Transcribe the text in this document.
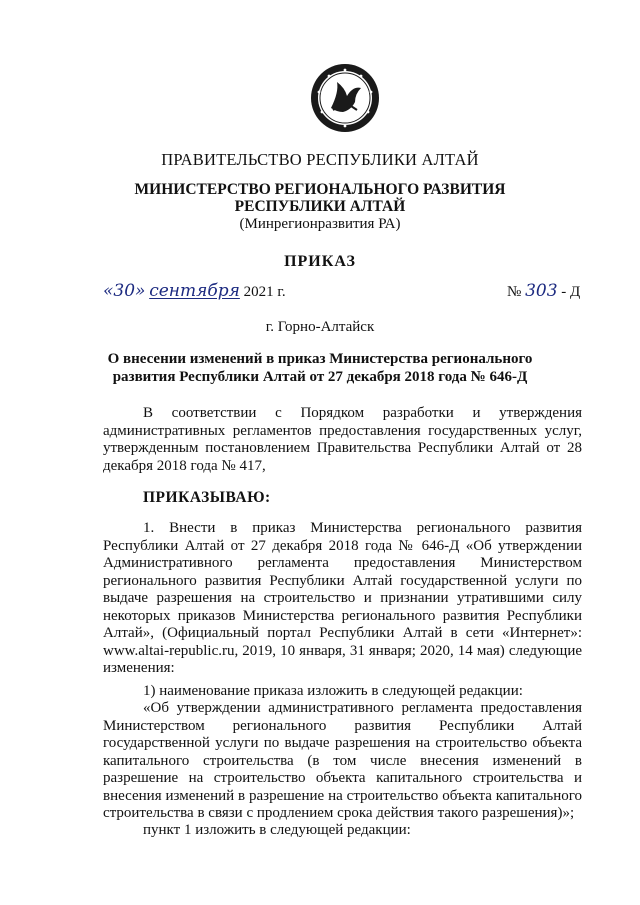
ПРАВИТЕЛЬСТВО РЕСПУБЛИКИ АЛТАЙ
МИНИСТЕРСТВО РЕГИОНАЛЬНОГО РАЗВИТИЯ
РЕСПУБЛИКИ АЛТАЙ
(Минрегионразвития РА)
ПРИКАЗ
«30» сентября 2021 г.	№ 303 - Д
г. Горно-Алтайск
О внесении изменений в приказ Министерства регионального
развития Республики Алтай от 27 декабря 2018 года № 646-Д

В соответствии с Порядком разработки и утверждения административных регламентов предоставления государственных услуг, утвержденным постановлением Правительства Республики Алтай от 28 декабря 2018 года № 417,

ПРИКАЗЫВАЮ:

1. Внести в приказ Министерства регионального развития Республики Алтай от 27 декабря 2018 года № 646-Д «Об утверждении Административного регламента предоставления Министерством регионального развития Республики Алтай государственной услуги по выдаче разрешения на строительство и признании утратившими силу некоторых приказов Министерства регионального развития Республики Алтай», (Официальный портал Республики Алтай в сети «Интернет»: www.altai-republic.ru, 2019, 10 января, 31 января; 2020, 14 мая) следующие изменения:

1) наименование приказа изложить в следующей редакции:

«Об утверждении административного регламента предоставления Министерством регионального развития Республики Алтай государственной услуги по выдаче разрешения на строительство объекта капитального строительства (в том числе внесения изменений в разрешение на строительство объекта капитального строительства и внесения изменений в разрешение на строительство объекта капитального строительства в связи с продлением срока действия такого разрешения)»;

пункт 1 изложить в следующей редакции:
